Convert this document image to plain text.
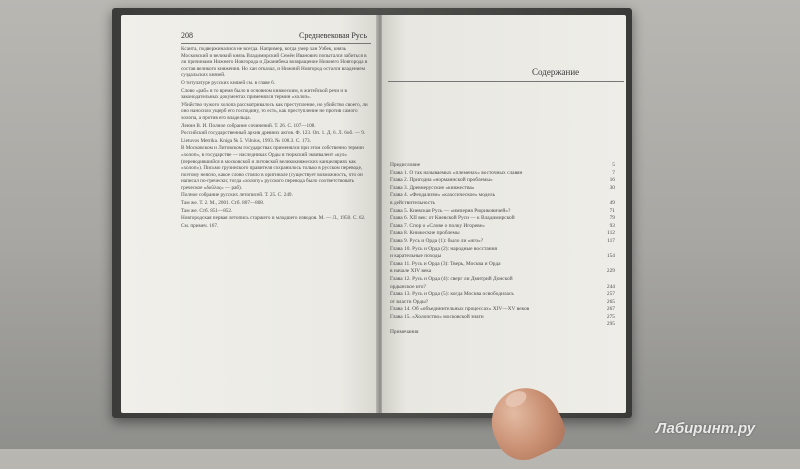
208	Средневековая Русь

Ксанта, подвержиналися не всегда. Например, когда умер хан Узбек, князь Московский и великий князь Владимирский Семён Иванович попытался забиться в ли причинами Нижнего Новгорода и Джанибека возвращение Нижнего Новгорода в состав великого княжения. Но хан отказал, и Нижний Новгород остался владением суздальских князей.

О титулатуре русских князей см. в главе 6.

Слово «раб» в то время было в основном княжеским, в житейской речи и в законодательных документах применялся термин «холоп».

Убийство чужого холопа рассматривалось как преступление, но убийство своего, ли оно наносило ущерб его господину, то есть, как преступление не против самого холопа, а против его владельца.

Ленин В. И. Полное собрание сочинений. Т. 26. С. 107—108.

Российский государственный архив древних актов. Ф. 123. Оп. 1. Д. 6. Л. 6об. — 9.

Lietuvos Metrika. Kniga № 5. Vilnius, 1993. № 108.3. С. 173.

В Московском и Литовском государствах применялся при этом собственно термин «холоп», в государстве — наследниках Орды в тюркский эквивалент «кул» (переводившийся в московской и литовской великокняжеских канцеляриях как «холоп»). Письмо грузинского правителя сохранилось только в русском переводе, поэтому неясно, какое слово стояло в оригинале (существует возможность, что он написал по-гречески; тогда «холопу» русского перевода было соответствовать греческое «δοῦλος» — раб).

Полное собрание русских летописей. Т. 25. С. 249.

Там же. Т. 2. М., 2001. Стб. 807—808.

Там же. Стб. 851—852.

Новгородская первая летопись старшего и младшего изводов. М. — Л., 1950. С. 62.

См. примеч. 167.

Содержание
Предисловие	5
Глава 1. О так называемых «племенах» восточных славян	7
Глава 2. Пригодна «норманнской проблемы»	16
Глава 3. Древнерусские «княжества»	30
Глава 4. «Феодализм» «классическое» модель
в действительность	49
Глава 5. Киевская Русь — «империя Рюриковичей»?	71
Глава 6. XII век: от Киевской Руси — к Владимирской	79
Глава 7. Спор о «Слове о полку Игореве»	93
Глава 8. Книжеские проблемы	112
Глава 9. Русь и Орда (1): было ли «иго»?	117
Глава 10. Русь и Орда (2): народные восстания
и карательные походы	154
Глава 11. Русь и Орда (3): Тверь, Москва и Орда
в начале XIV века	229
Глава 12. Русь и Орда (4): сверг ли Дмитрий Донской
ордынское иго?	244
Глава 13. Русь и Орда (5): когда Москва освободилась	257
от власти Орды?	265
Глава 14. Об «объединительных процессах» XIV—XV веков	267
Глава 15. «Холопство» московской знати	275
295
Примечания
Лабиринт.ру
